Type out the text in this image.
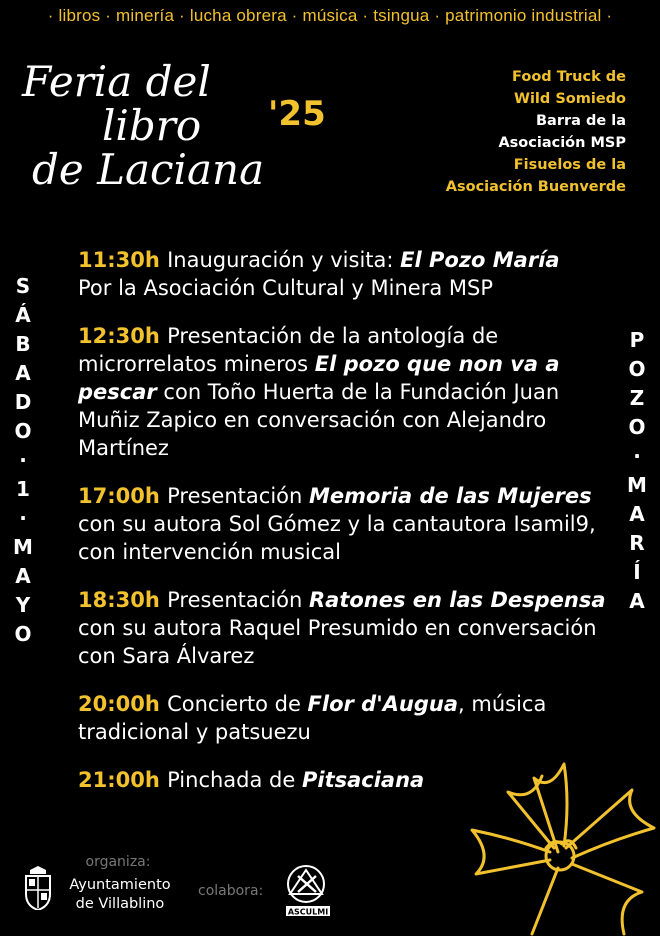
· libros · minería · lucha obrera · música · tsingua · patrimonio industrial ·
Feria del
libro
de Laciana
'25
Food Truck de
Wild Somiedo
Barra de la
Asociación MSP
Fisuelos de la
Asociación Buenverde
S
Á
B
A
D
O
·
1
·
M
A
Y
O
P
O
Z
O
·
M
A
R
Í
A
11:30h Inauguración y visita: El Pozo María
Por la Asociación Cultural y Minera MSP
12:30h Presentación de la antología de microrrelatos mineros El pozo que non va a pescar con Toño Huerta de la Fundación Juan Muñiz Zapico en conversación con Alejandro Martínez
17:00h Presentación Memoria de las Mujeres con su autora Sol Gómez y la cantautora Isamil9, con intervención musical
18:30h Presentación Ratones en las Despensa con su autora Raquel Presumido en conversación con Sara Álvarez
20:00h Concierto de Flor d'Augua, música tradicional y patsuezu
21:00h Pinchada de Pitsaciana
organiza:
Ayuntamiento
de Villablino
colabora:
ASCULMI
